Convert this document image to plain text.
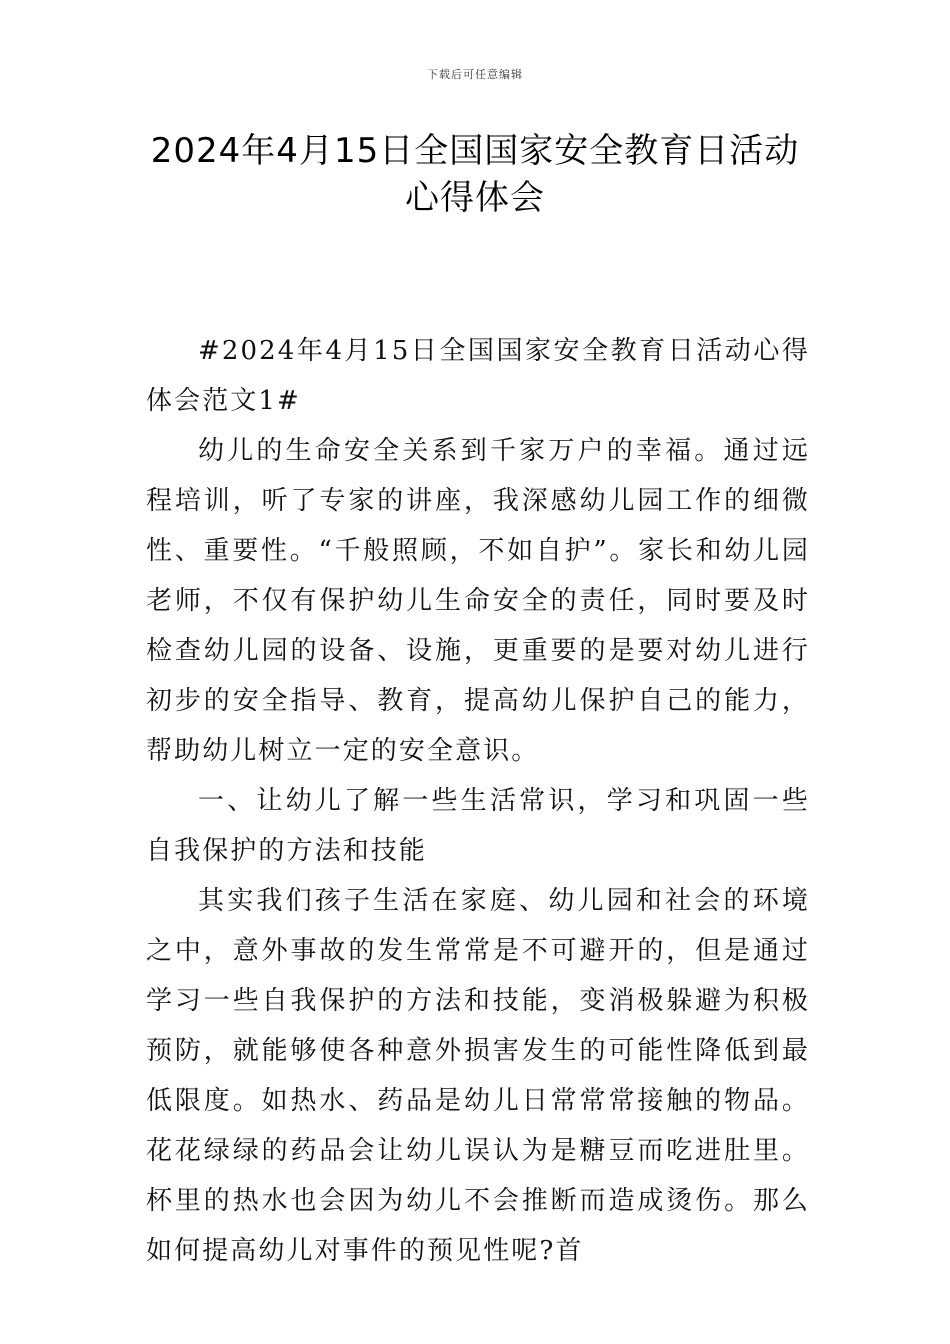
下载后可任意编辑
2024年4月15日全国国家安全教育日活动
心得体会

#2024年4月15日全国国家安全教育日活动心得体会范文1#

幼儿的生命安全关系到千家万户的幸福。通过远程培训，听了专家的讲座，我深感幼儿园工作的细微性、重要性。“千般照顾，不如自护”。家长和幼儿园老师，不仅有保护幼儿生命安全的责任，同时要及时检查幼儿园的设备、设施，更重要的是要对幼儿进行初步的安全指导、教育，提高幼儿保护自己的能力，帮助幼儿树立一定的安全意识。

一、让幼儿了解一些生活常识，学习和巩固一些自我保护的方法和技能

其实我们孩子生活在家庭、幼儿园和社会的环境之中，意外事故的发生常常是不可避开的，但是通过学习一些自我保护的方法和技能，变消极躲避为积极预防，就能够使各种意外损害发生的可能性降低到最低限度。如热水、药品是幼儿日常常常接触的物品。花花绿绿的药品会让幼儿误认为是糖豆而吃进肚里。杯里的热水也会因为幼儿不会推断而造成烫伤。那么如何提高幼儿对事件的预见性呢?首
